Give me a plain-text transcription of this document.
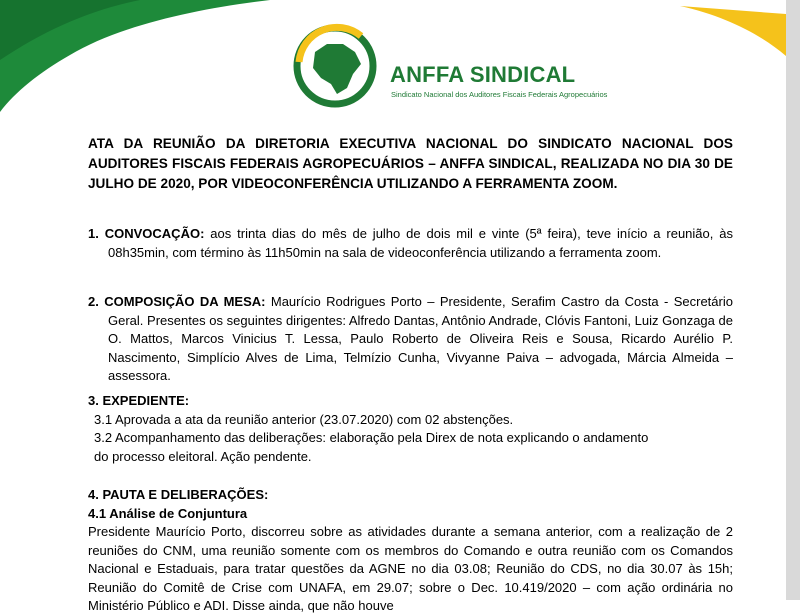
ANFFA SINDICAL
Sindicato Nacional dos Auditores Fiscais Federais Agropecuários
ATA DA REUNIÃO DA DIRETORIA EXECUTIVA NACIONAL DO SINDICATO NACIONAL DOS AUDITORES FISCAIS FEDERAIS AGROPECUÁRIOS – ANFFA SINDICAL, REALIZADA NO DIA 30 DE JULHO DE 2020, POR VIDEOCONFERÊNCIA UTILIZANDO A FERRAMENTA ZOOM.
1. CONVOCAÇÃO: aos trinta dias do mês de julho de dois mil e vinte (5ª feira), teve início a reunião, às 08h35min, com término às 11h50min na sala de videoconferência utilizando a ferramenta zoom.
2. COMPOSIÇÃO DA MESA: Maurício Rodrigues Porto – Presidente, Serafim Castro da Costa - Secretário Geral. Presentes os seguintes dirigentes: Alfredo Dantas, Antônio Andrade, Clóvis Fantoni, Luiz Gonzaga de O. Mattos, Marcos Vinicius T. Lessa, Paulo Roberto de Oliveira Reis e Sousa, Ricardo Aurélio P. Nascimento, Simplício Alves de Lima, Telmízio Cunha, Vivyanne Paiva – advogada, Márcia Almeida – assessora.
3. EXPEDIENTE:
3.1 Aprovada a ata da reunião anterior (23.07.2020) com 02 abstenções.
3.2 Acompanhamento das deliberações: elaboração pela Direx de nota explicando o andamento
do processo eleitoral. Ação pendente.
4. PAUTA E DELIBERAÇÕES:
4.1 Análise de Conjuntura
Presidente Maurício Porto, discorreu sobre as atividades durante a semana anterior, com a realização de 2 reuniões do CNM, uma reunião somente com os membros do Comando e outra reunião com os Comandos Nacional e Estaduais, para tratar questões da AGNE no dia 03.08; Reunião do CDS, no dia 30.07 às 15h; Reunião do Comitê de Crise com UNAFA, em 29.07; sobre o Dec. 10.419/2020 – com ação ordinária no Ministério Público e ADI. Disse ainda, que não houve
